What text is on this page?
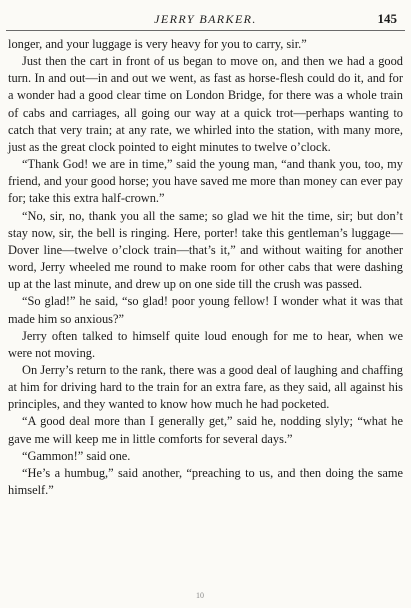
JERRY BARKER.	145

longer, and your luggage is very heavy for you to carry, sir.”

Just then the cart in front of us began to move on, and then we had a good turn. In and out—in and out we went, as fast as horse-flesh could do it, and for a wonder had a good clear time on London Bridge, for there was a whole train of cabs and carriages, all going our way at a quick trot—perhaps wanting to catch that very train; at any rate, we whirled into the station, with many more, just as the great clock pointed to eight minutes to twelve o’clock.

“Thank God! we are in time,” said the young man, “and thank you, too, my friend, and your good horse; you have saved me more than money can ever pay for; take this extra half-crown.”

“No, sir, no, thank you all the same; so glad we hit the time, sir; but don’t stay now, sir, the bell is ringing. Here, porter! take this gentleman’s luggage—Dover line—twelve o’clock train—that’s it,” and without waiting for another word, Jerry wheeled me round to make room for other cabs that were dashing up at the last minute, and drew up on one side till the crush was passed.

“So glad!” he said, “so glad! poor young fellow! I wonder what it was that made him so anxious?”

Jerry often talked to himself quite loud enough for me to hear, when we were not moving.

On Jerry’s return to the rank, there was a good deal of laughing and chaffing at him for driving hard to the train for an extra fare, as they said, all against his principles, and they wanted to know how much he had pocketed.

“A good deal more than I generally get,” said he, nodding slyly; “what he gave me will keep me in little comforts for several days.”

“Gammon!” said one.

“He’s a humbug,” said another, “preaching to us, and then doing the same himself.”

10
